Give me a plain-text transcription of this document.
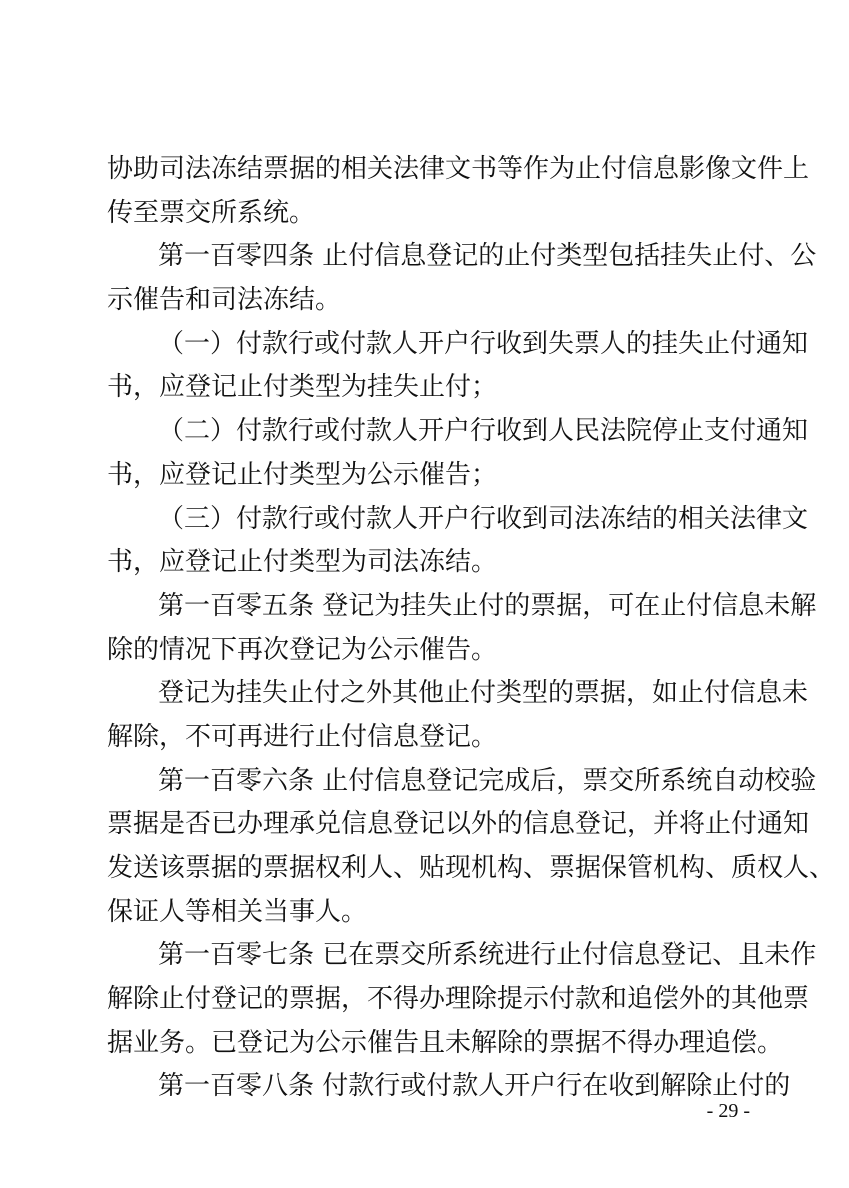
协助司法冻结票据的相关法律文书等作为止付信息影像文件上
传至票交所系统。
第一百零四条 止付信息登记的止付类型包括挂失止付、公
示催告和司法冻结。
（一）付款行或付款人开户行收到失票人的挂失止付通知
书，应登记止付类型为挂失止付；
（二）付款行或付款人开户行收到人民法院停止支付通知
书，应登记止付类型为公示催告；
（三）付款行或付款人开户行收到司法冻结的相关法律文
书，应登记止付类型为司法冻结。
第一百零五条 登记为挂失止付的票据，可在止付信息未解
除的情况下再次登记为公示催告。
登记为挂失止付之外其他止付类型的票据，如止付信息未
解除，不可再进行止付信息登记。
第一百零六条 止付信息登记完成后，票交所系统自动校验
票据是否已办理承兑信息登记以外的信息登记，并将止付通知
发送该票据的票据权利人、贴现机构、票据保管机构、质权人、
保证人等相关当事人。
第一百零七条 已在票交所系统进行止付信息登记、且未作
解除止付登记的票据，不得办理除提示付款和追偿外的其他票
据业务。已登记为公示催告且未解除的票据不得办理追偿。
第一百零八条 付款行或付款人开户行在收到解除止付的
- 29 -
